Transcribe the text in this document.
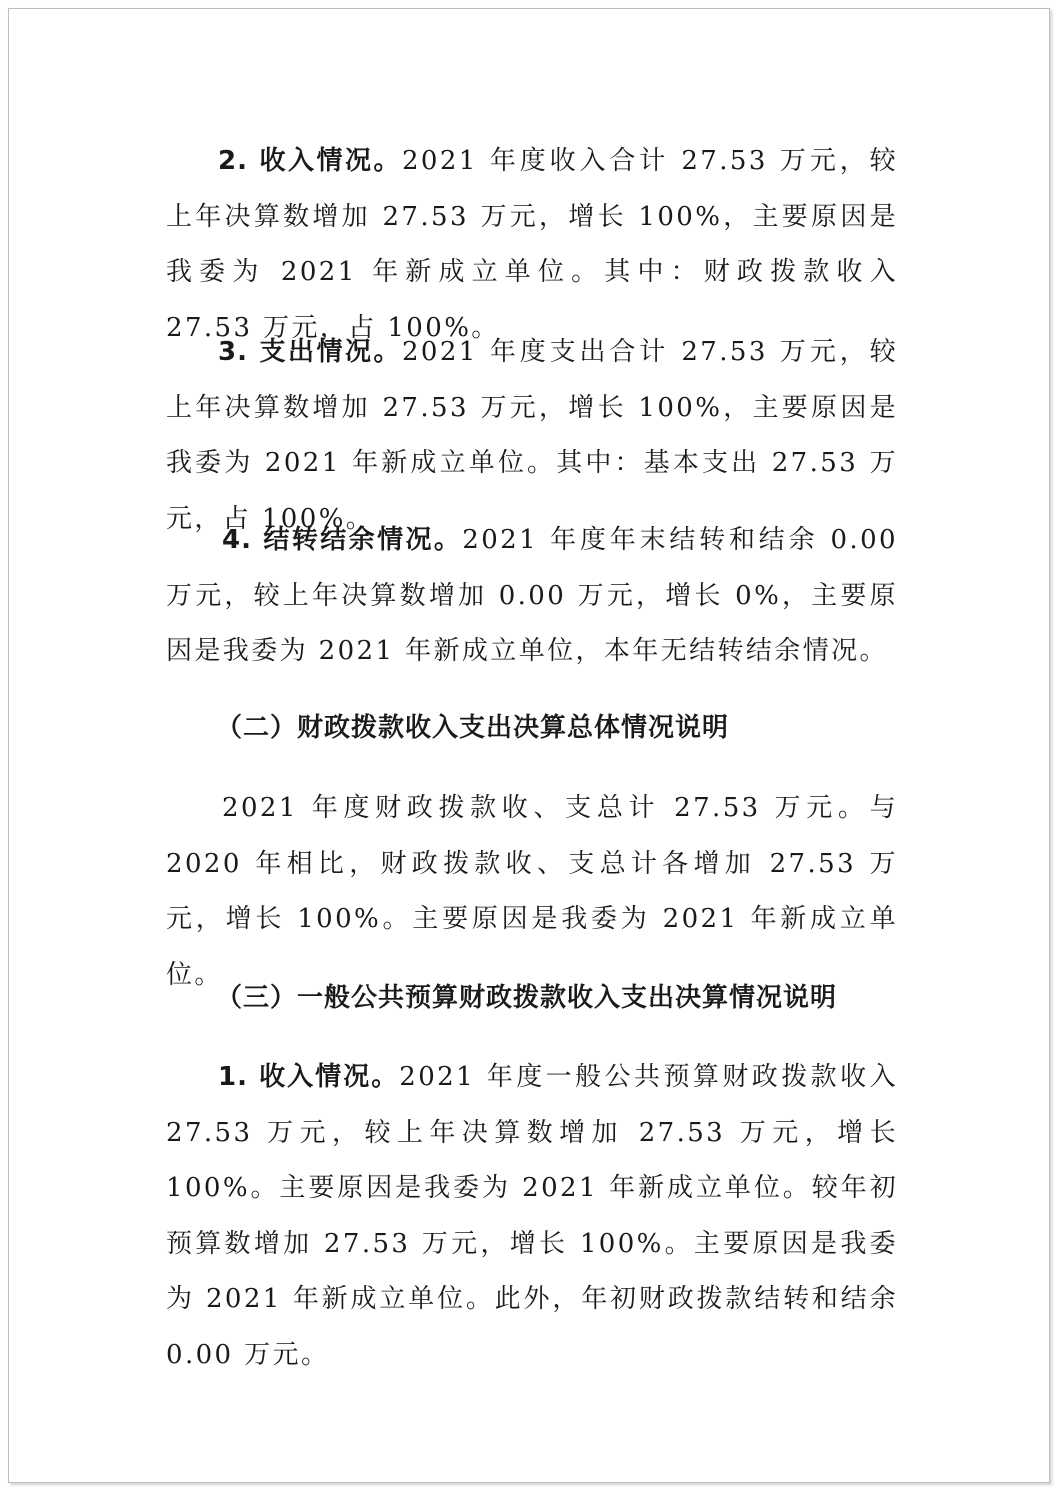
2. 收入情况。2021 年度收入合计 27.53 万元，较上年决算数增加 27.53 万元，增长 100%，主要原因是我委为 2021 年新成立单位。其中：财政拨款收入 27.53 万元，占 100%。

3. 支出情况。2021 年度支出合计 27.53 万元，较上年决算数增加 27.53 万元，增长 100%，主要原因是我委为 2021 年新成立单位。其中：基本支出 27.53 万元，占 100%。

4. 结转结余情况。2021 年度年末结转和结余 0.00 万元，较上年决算数增加 0.00 万元，增长 0%，主要原因是我委为 2021 年新成立单位，本年无结转结余情况。

（二）财政拨款收入支出决算总体情况说明

2021 年度财政拨款收、支总计 27.53 万元。与 2020 年相比，财政拨款收、支总计各增加 27.53 万元，增长 100%。主要原因是我委为 2021 年新成立单位。

（三）一般公共预算财政拨款收入支出决算情况说明

1. 收入情况。2021 年度一般公共预算财政拨款收入 27.53 万元，较上年决算数增加 27.53 万元，增长 100%。主要原因是我委为 2021 年新成立单位。较年初预算数增加 27.53 万元，增长 100%。主要原因是我委为 2021 年新成立单位。此外，年初财政拨款结转和结余 0.00 万元。
